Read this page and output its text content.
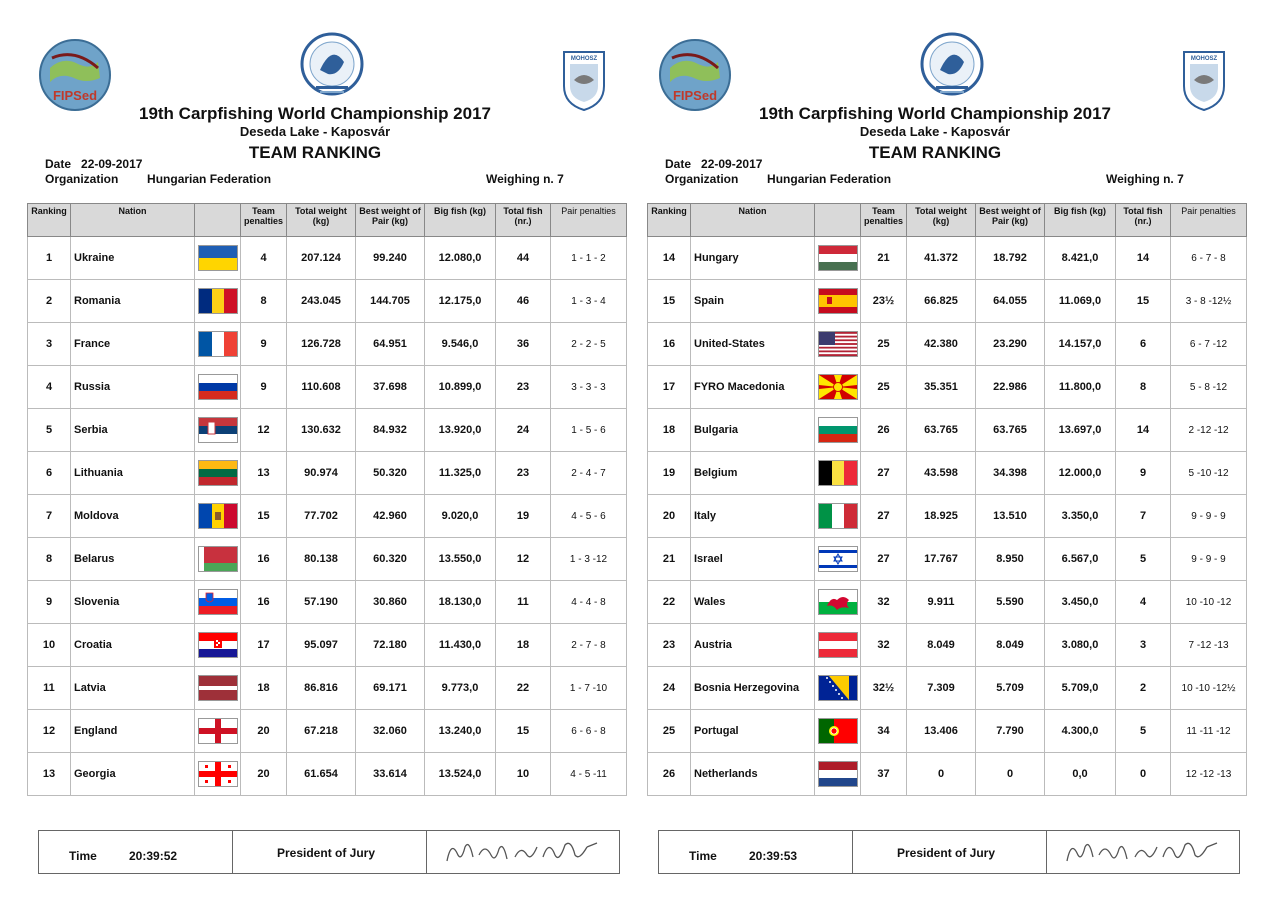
FIPSed
MOHOSZ
19th Carpfishing World Championship 2017
Deseda Lake - Kaposvár
TEAM RANKING
Date 22-09-2017
Organization Hungarian Federation	Weighing n. 7
Ranking	Nation		Team penalties	Total weight (kg)	Best weight of Pair (kg)	Big fish (kg)	Total fish (nr.)	Pair penalties
1	Ukraine		4	207.124	99.240	12.080,0	44	1 - 1 - 2
2	Romania		8	243.045	144.705	12.175,0	46	1 - 3 - 4
3	France		9	126.728	64.951	9.546,0	36	2 - 2 - 5
4	Russia		9	110.608	37.698	10.899,0	23	3 - 3 - 3
5	Serbia		12	130.632	84.932	13.920,0	24	1 - 5 - 6
6	Lithuania		13	90.974	50.320	11.325,0	23	2 - 4 - 7
7	Moldova		15	77.702	42.960	9.020,0	19	4 - 5 - 6
8	Belarus		16	80.138	60.320	13.550,0	12	1 - 3 -12
9	Slovenia		16	57.190	30.860	18.130,0	11	4 - 4 - 8
10	Croatia		17	95.097	72.180	11.430,0	18	2 - 7 - 8
11	Latvia		18	86.816	69.171	9.773,0	22	1 - 7 -10
12	England		20	67.218	32.060	13.240,0	15	6 - 6 - 8
13	Georgia		20	61.654	33.614	13.524,0	10	4 - 5 -11
Time	20:39:52	President of Jury
FIPSed
MOHOSZ
19th Carpfishing World Championship 2017
Deseda Lake - Kaposvár
TEAM RANKING
Date 22-09-2017
Organization Hungarian Federation	Weighing n. 7
Ranking	Nation		Team penalties	Total weight (kg)	Best weight of Pair (kg)	Big fish (kg)	Total fish (nr.)	Pair penalties
14	Hungary		21	41.372	18.792	8.421,0	14	6 - 7 - 8
15	Spain		23½	66.825	64.055	11.069,0	15	3 - 8 -12½
16	United-States		25	42.380	23.290	14.157,0	6	6 - 7 -12
17	FYRO Macedonia		25	35.351	22.986	11.800,0	8	5 - 8 -12
18	Bulgaria		26	63.765	63.765	13.697,0	14	2 -12 -12
19	Belgium		27	43.598	34.398	12.000,0	9	5 -10 -12
20	Italy		27	18.925	13.510	3.350,0	7	9 - 9 - 9
21	Israel		27	17.767	8.950	6.567,0	5	9 - 9 - 9
22	Wales		32	9.911	5.590	3.450,0	4	10 -10 -12
23	Austria		32	8.049	8.049	3.080,0	3	7 -12 -13
24	Bosnia Herzegovina		32½	7.309	5.709	5.709,0	2	10 -10 -12½
25	Portugal		34	13.406	7.790	4.300,0	5	11 -11 -12
26	Netherlands		37	0	0	0,0	0	12 -12 -13
Time	20:39:53	President of Jury
